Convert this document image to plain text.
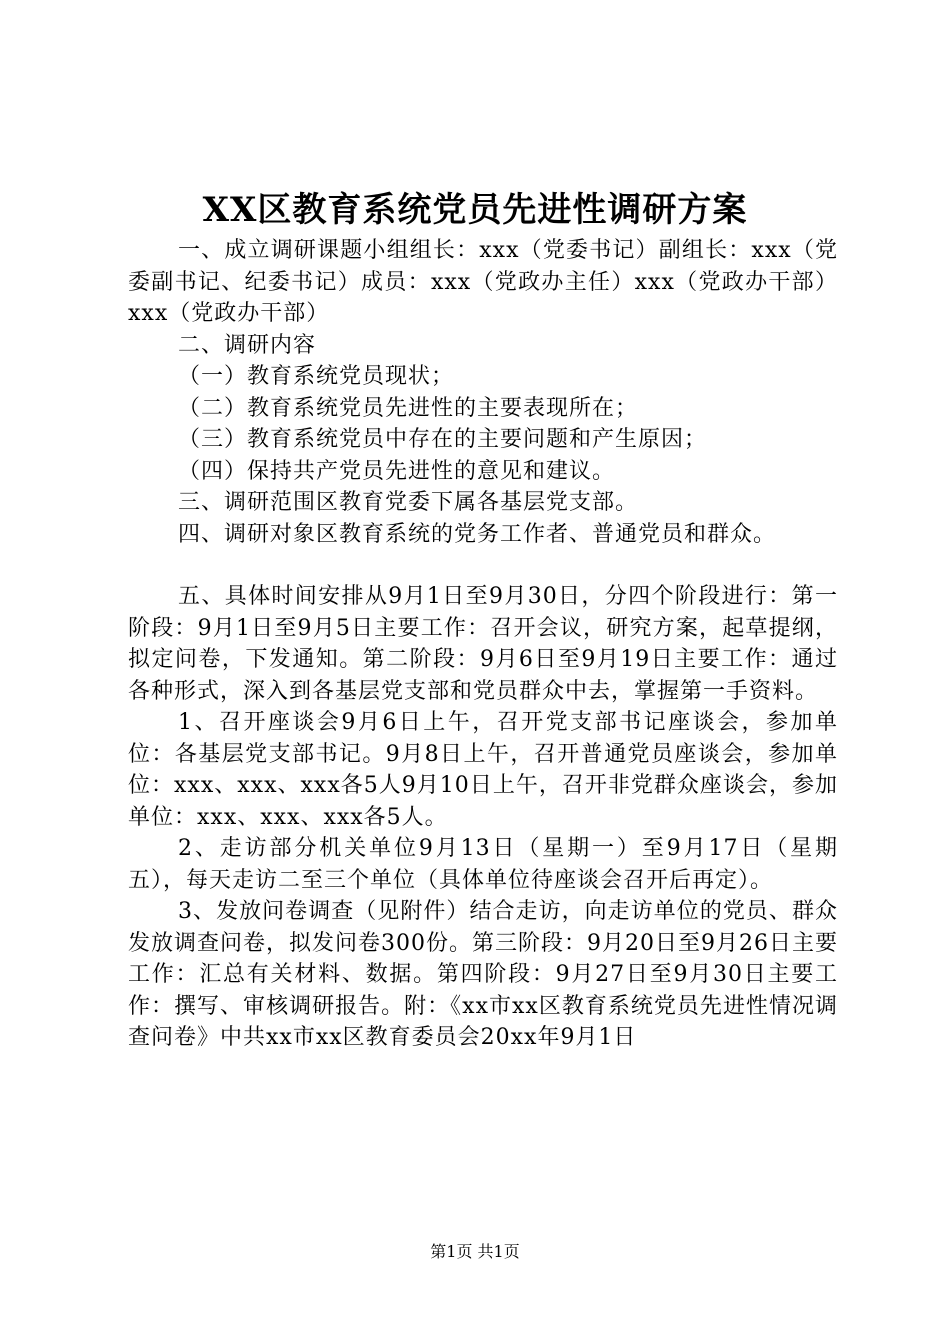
XX区教育系统党员先进性调研方案

一、成立调研课题小组组长：xxx（党委书记）副组长：xxx（党委副书记、纪委书记）成员：xxx（党政办主任）xxx（党政办干部）xxx（党政办干部）

二、调研内容

（一）教育系统党员现状；

（二）教育系统党员先进性的主要表现所在；

（三）教育系统党员中存在的主要问题和产生原因；

（四）保持共产党员先进性的意见和建议。

三、调研范围区教育党委下属各基层党支部。

四、调研对象区教育系统的党务工作者、普通党员和群众。

五、具体时间安排从9月1日至9月30日，分四个阶段进行：第一阶段：9月1日至9月5日主要工作：召开会议，研究方案，起草提纲，拟定问卷，下发通知。第二阶段：9月6日至9月19日主要工作：通过各种形式，深入到各基层党支部和党员群众中去，掌握第一手资料。

1、召开座谈会9月6日上午，召开党支部书记座谈会，参加单位：各基层党支部书记。9月8日上午，召开普通党员座谈会，参加单位：xxx、xxx、xxx各5人9月10日上午，召开非党群众座谈会，参加单位：xxx、xxx、xxx各5人。

2、走访部分机关单位9月13日（星期一）至9月17日（星期五），每天走访二至三个单位（具体单位待座谈会召开后再定）。

3、发放问卷调查（见附件）结合走访，向走访单位的党员、群众发放调查问卷，拟发问卷300份。第三阶段：9月20日至9月26日主要工作：汇总有关材料、数据。第四阶段：9月27日至9月30日主要工作：撰写、审核调研报告。附：《xx市xx区教育系统党员先进性情况调查问卷》中共xx市xx区教育委员会20xx年9月1日

第1页 共1页
